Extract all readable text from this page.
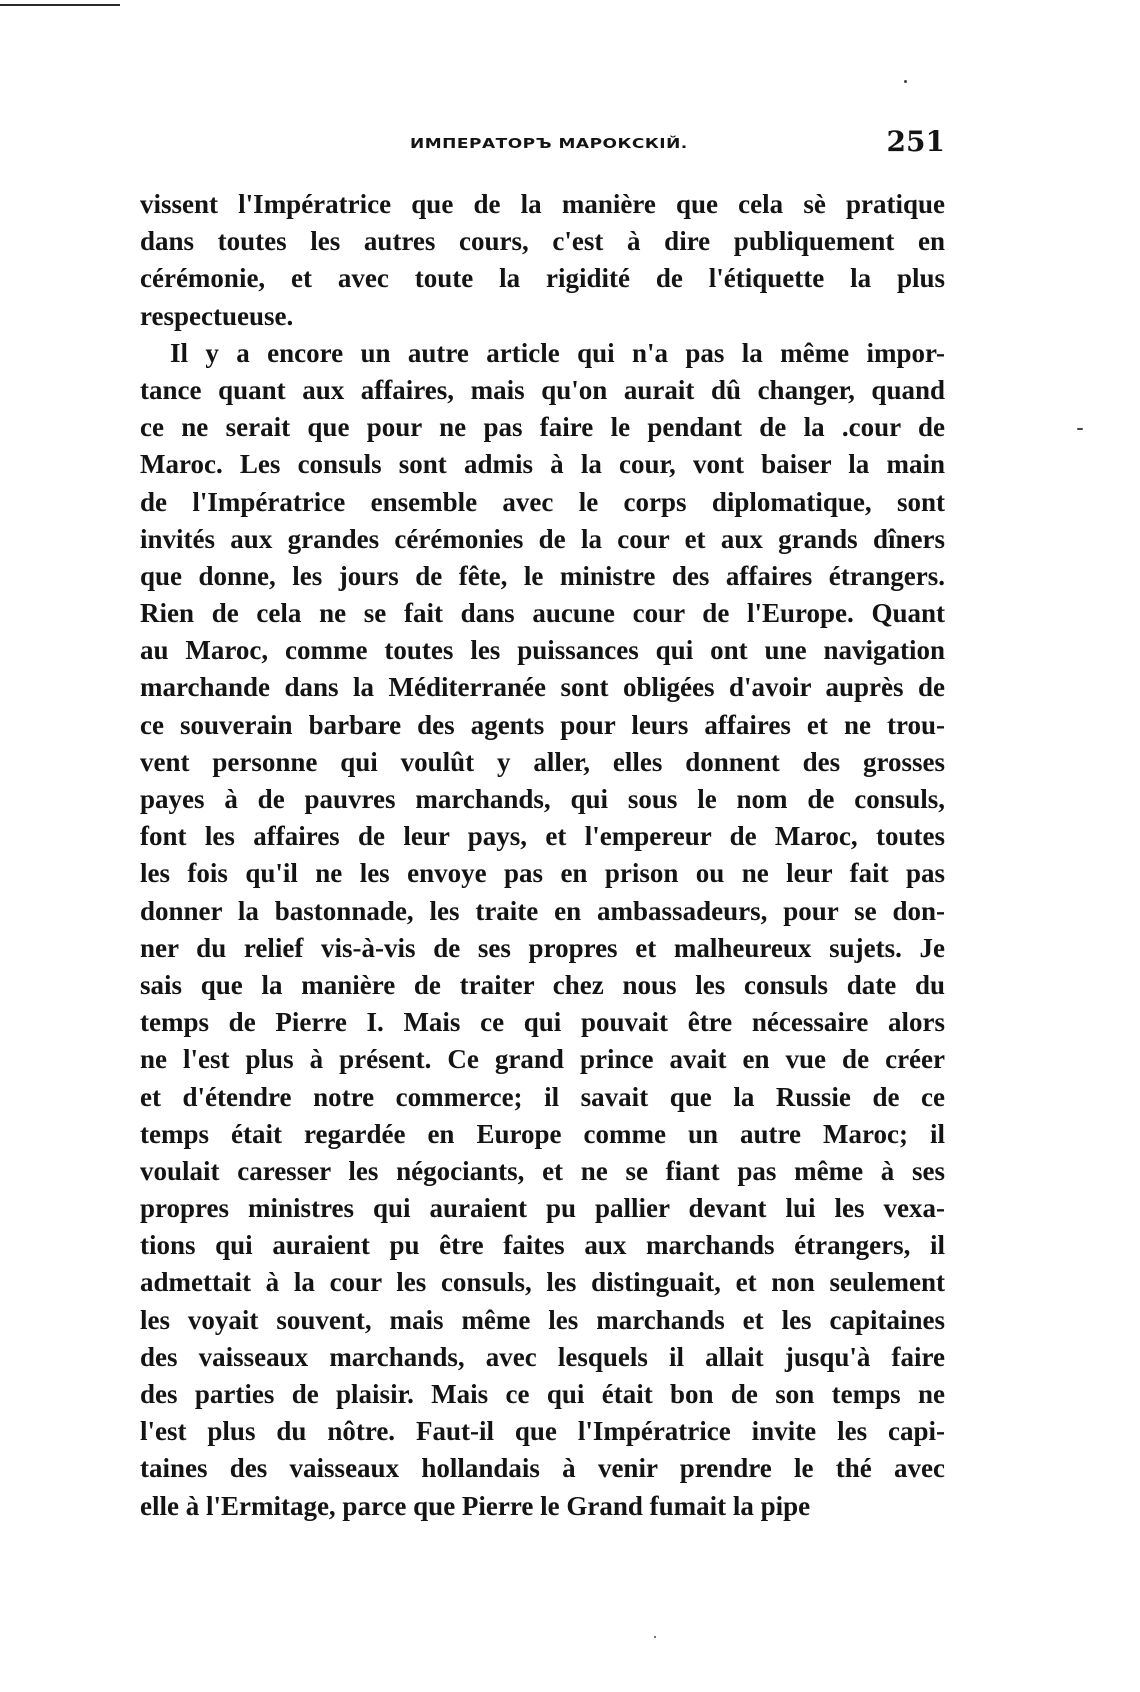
ИМПЕРАТОРЪ МАРОКСКІЙ.	251
vissent l'Impératrice que de la manière que cela sè pratique
dans toutes les autres cours, c'est à dire publiquement en
cérémonie, et avec toute la rigidité de l'étiquette la plus
respectueuse.
Il y a encore un autre article qui n'a pas la même impor-
tance quant aux affaires, mais qu'on aurait dû changer, quand
ce ne serait que pour ne pas faire le pendant de la .cour de
Maroc. Les consuls sont admis à la cour, vont baiser la main
de l'Impératrice ensemble avec le corps diplomatique, sont
invités aux grandes cérémonies de la cour et aux grands dîners
que donne, les jours de fête, le ministre des affaires étrangers.
Rien de cela ne se fait dans aucune cour de l'Europe. Quant
au Maroc, comme toutes les puissances qui ont une navigation
marchande dans la Méditerranée sont obligées d'avoir auprès de
ce souverain barbare des agents pour leurs affaires et ne trou-
vent personne qui voulût y aller, elles donnent des grosses
payes à de pauvres marchands, qui sous le nom de consuls,
font les affaires de leur pays, et l'empereur de Maroc, toutes
les fois qu'il ne les envoye pas en prison ou ne leur fait pas
donner la bastonnade, les traite en ambassadeurs, pour se don-
ner du relief vis-à-vis de ses propres et malheureux sujets. Je
sais que la manière de traiter chez nous les consuls date du
temps de Pierre I. Mais ce qui pouvait être nécessaire alors
ne l'est plus à présent. Ce grand prince avait en vue de créer
et d'étendre notre commerce; il savait que la Russie de ce
temps était regardée en Europe comme un autre Maroc; il
voulait caresser les négociants, et ne se fiant pas même à ses
propres ministres qui auraient pu pallier devant lui les vexa-
tions qui auraient pu être faites aux marchands étrangers, il
admettait à la cour les consuls, les distinguait, et non seulement
les voyait souvent, mais même les marchands et les capitaines
des vaisseaux marchands, avec lesquels il allait jusqu'à faire
des parties de plaisir. Mais ce qui était bon de son temps ne
l'est plus du nôtre. Faut-il que l'Impératrice invite les capi-
taines des vaisseaux hollandais à venir prendre le thé avec
elle à l'Ermitage, parce que Pierre le Grand fumait la pipe
